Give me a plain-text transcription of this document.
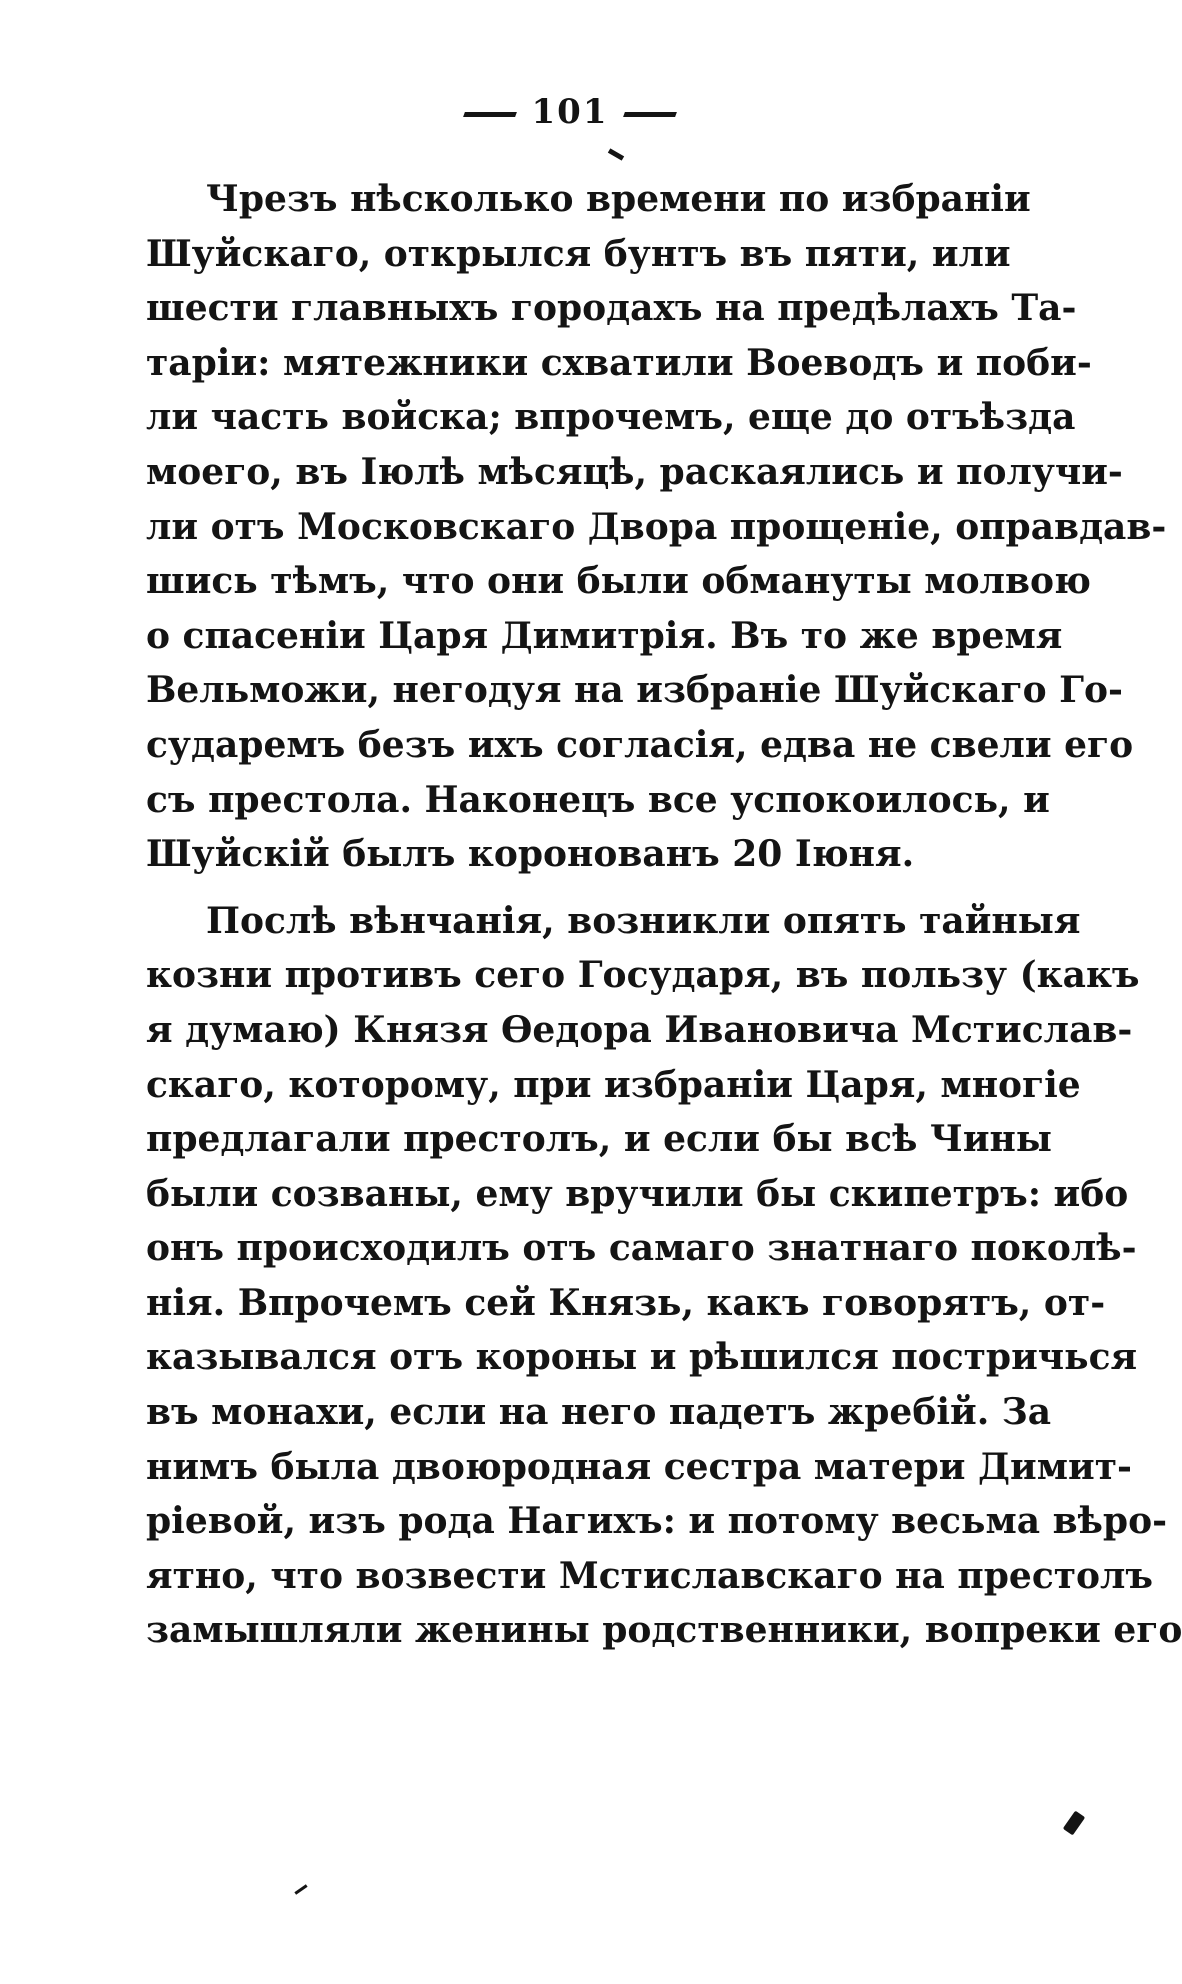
101
Чрезъ нѣсколько времени по избраніи
Шуйскаго, открылся бунтъ въ пяти, или
шести главныхъ городахъ на предѣлахъ Та-
таріи: мятежники схватили Воеводъ и поби-
ли часть войска; впрочемъ, еще до отъѣзда
моего, въ Іюлѣ мѣсяцѣ, раскаялись и получи-
ли отъ Московскаго Двора прощеніе, оправдав-
шись тѣмъ, что они были обмануты молвою
о спасеніи Царя Димитрія. Въ то же время
Вельможи, негодуя на избраніе Шуйскаго Го-
сударемъ безъ ихъ согласія, едва не свели его
съ престола. Наконецъ все успокоилось, и
Шуйскій былъ коронованъ 20 Іюня.
Послѣ вѣнчанія, возникли опять тайныя
козни противъ сего Государя, въ пользу (какъ
я думаю) Князя Ѳедора Ивановича Мстислав-
скаго, которому, при избраніи Царя, многіе
предлагали престолъ, и если бы всѣ Чины
были созваны, ему вручили бы скипетръ: ибо
онъ происходилъ отъ самаго знатнаго поколѣ-
нія. Впрочемъ сей Князь, какъ говорятъ, от-
казывался отъ короны и рѣшился постричься
въ монахи, если на него падетъ жребій. За
нимъ была двоюродная сестра матери Димит-
ріевой, изъ рода Нагихъ: и потому весьма вѣро-
ятно, что возвести Мстиславскаго на престолъ
замышляли женины родственники, вопреки его
